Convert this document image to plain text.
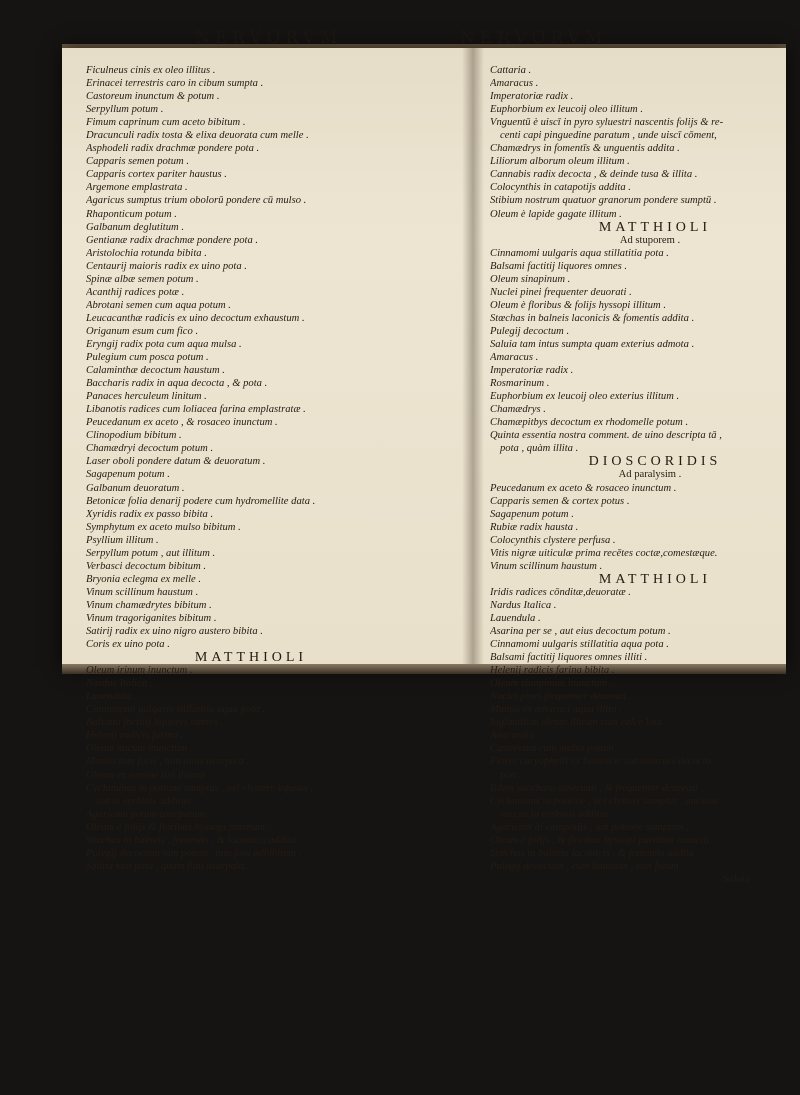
NERVORVM	NERVORVM
Ficulneus cinis ex oleo illitus .
Erinacei terrestris caro in cibum sumpta .
Castoreum inunctum & potum .
Serpyllum potum .
Fimum caprinum cum aceto bibitum .
Dracunculi radix tosta & elixa deuorata cum melle .
Asphodeli radix drachmæ pondere pota .
Capparis semen potum .
Capparis cortex pariter haustus .
Argemone emplastrata .
Agaricus sumptus trium obolorū pondere cū mulso .
Rhaponticum potum .
Galbanum deglutitum .
Gentianæ radix drachmæ pondere pota .
Aristolochia rotunda bibita .
Centaurij maioris radix ex uino pota .
Spinæ albæ semen potum .
Acanthij radices potæ .
Abrotani semen cum aqua potum .
Leucacanthæ radicis ex uino decoctum exhaustum .
Origanum esum cum fico .
Eryngij radix pota cum aqua mulsa .
Pulegium cum posca potum .
Calaminthæ decoctum haustum .
Baccharis radix in aqua decocta , & pota .
Panaces herculeum linitum .
Libanotis radices cum loliacea farina emplastratæ .
Peucedanum ex aceto , & rosaceo inunctum .
Clinopodium bibitum .
Chamædryi decoctum potum .
Laser oboli pondere datum & deuoratum .
Sagapenum potum .
Galbanum deuoratum .
Betonicæ folia denarij podere cum hydromellite data .
Xyridis radix ex passo bibita .
Symphytum ex aceto mulso bibitum .
Psyllium illitum .
Serpyllum potum , aut illitum .
Verbasci decoctum bibitum .
Bryonia eclegma ex melle .
Vinum scillinum haustum .
Vinum chamædrytes bibitum .
Vinum tragoriganites bibitum .
Satirij radix ex uino nigro austero bibita .
Coris ex uino pota .
MATTHIOLI
Oleum irinum inunctum .
Nardus Italica .
Lauendula .
Cinnamomi uulgaris stillatitia aqua pota .
Balsami factitij liquores omnes .
Helenij radicis farina .
Oleum nucum inunctum .
Mumia tum foris , tum intus usurpata .
Oleum ex semine lini illitum .
Cyclaminus in potione sumptus , uel clystere infusus ,
aut in errhinis additus .
Agaricum potum usurpatum .
Oleum è folijs & floribus hyssopi paratum .
Stœchas in balneis , fomentis , & laconicis addita .
Pulegij decoctum tum potum , tum fotu adhibitum .
Saluia tam pota , quàm fotu usurpata.
Cattaria .
Amaracus .
Imperatoriæ radix .
Euphorbium ex leucoij oleo illitum .
Vnguentū è uiscī in pyro syluestri nascentis folijs & re-
centi capi pinguedine paratum , unde uiscī cōment,
Chamædrys in fomentīs & unguentis addita .
Liliorum alborum oleum illitum .
Cannabis radix decocta , & deinde tusa & illita .
Colocynthis in catapotijs addita .
Stibium nostrum quatuor granorum pondere sumptū .
Oleum è lapide gagate illitum .
MATTHIOLI
Ad stuporem .
Cinnamomi uulgaris aqua stillatitia pota .
Balsami factitij liquores omnes .
Oleum sinapinum .
Nuclei pinei frequenter deuorati .
Oleum è floribus & folijs hyssopi illitum .
Stœchas in balneis laconicis & fomentis addita .
Pulegij decoctum .
Saluia tam intus sumpta quam exterius admota .
Amaracus .
Imperatoriæ radix .
Rosmarinum .
Euphorbium ex leucoij oleo exterius illitum .
Chamædrys .
Chamæpitbys decoctum ex rhodomelle potum .
Quinta essentia nostra comment. de uino descripta tā ,
pota , quàm illita .
DIOSCORIDIS
Ad paralysim .
Peucedanum ex aceto & rosaceo inunctum .
Capparis semen & cortex potus .
Sagapenum potum .
Rubiæ radix hausta .
Colocynthis clystere perfusa .
Vitis nigræ uiticulæ prima recētes coctæ,comestæque.
Vinum scillinum haustum .
MATTHIOLI
Iridis radices cōnditæ,deuoratæ .
Nardus Italica .
Lauendula .
Asarina per se , aut eius decoctum potum .
Cinnamomi uulgaris stillatitia aqua pota .
Balsami factitij liquores omnes illiti .
Helenij radicis farina bibita .
Oleum sinapinum inunctum .
Nuclei pinei frequenter deuorati .
Mumia ex amaraci aqua illita .
Iuglandium oleum illitum cum calce lota .
Anacardia .
Castoreum cum mulsa potum .
Flores caryophylli ex betonicæ aut amaraci decocto
poti .
Iidem saccharo asseruati , & frequenter deuorati .
Cyclaminus in potione , uel clysteri sumptus , aut eius
succus in errhinis additus .
Agaricum in catapotijs , aut potione sumptum .
Oleum è folijs , & floribus hyssopi paratum inunctū .
Stœchas in balneis laconicis , & fomentis addita .
Pulegij decoctum , cum haustum , tum fotum .
Saluia
